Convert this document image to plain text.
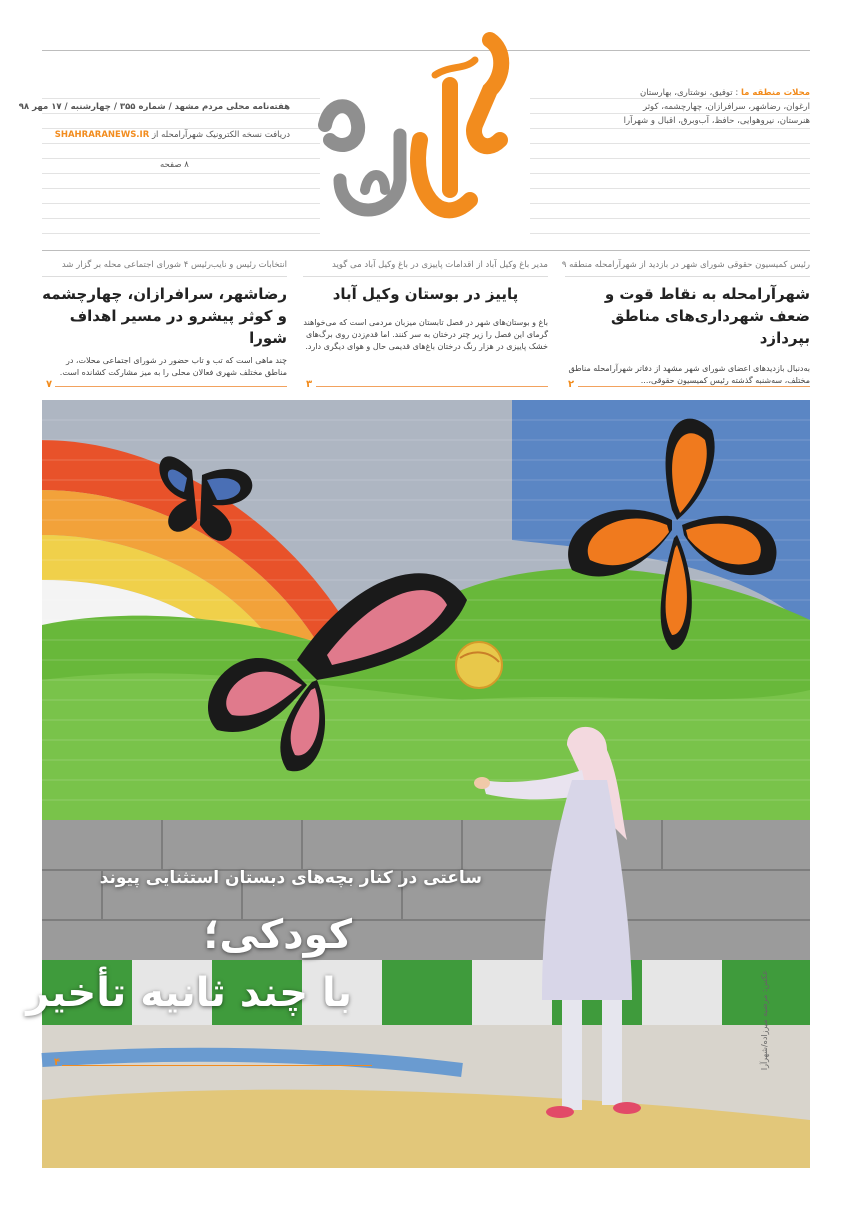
هفته‌نامه محلی مردم مشهد / شماره ۳۵۵ / چهارشنبه / ۱۷ مهر ۹۸
دریافت نسخه الکترونیک شهرآرامحله از SHAHRARANEWS.IR
۸ صفحه
محلات منطقه ما : توفیق، نوشتاری، بهارستان
ارغوان، رضاشهر، سرافرازان، چهارچشمه، کوثر
هنرستان، نیروهوایی، حافظ، آب‌وبرق، اقبال و شهرآرا
رئیس کمیسیون حقوقی شورای شهر در بازدید از شهرآرامحله منطقه ۹
شهرآرامحله به نقاط قوت و ضعف شهرداری‌های مناطق بپردازد
به‌دنبال بازدیدهای اعضای شورای شهر مشهد از دفاتر شهرآرامحله مناطق مختلف، سه‌شنبه گذشته رئیس کمیسیون حقوقی،...
۲
مدیر باغ وکیل آباد از اقدامات پاییزی در باغ وکیل آباد می گوید
پاییز در بوستان وکیل آباد
باغ و بوستان‌های شهر در فصل تابستان میزبان مردمی است که می‌خواهند گرمای این فصل را زیر چتر درختان به سر کنند. اما قدم‌زدن روی برگ‌های خشک پاییزی در هزار رنگ درختان باغ‌های قدیمی حال و هوای دیگری دارد.
۳
انتخابات رئیس و نایب‌رئیس ۴ شورای اجتماعی محله بر گزار شد
رضاشهر، سرافرازان، چهارچشمه و کوثر پیشرو در مسیر اهداف شورا
چند ماهی است که تب و تاب حضور در شورای اجتماعی محلات، در مناطق مختلف شهری فعالان محلی را به میز مشارکت کشانده است.
۷
ساعتی در کنار بچه‌های دبستان استثنایی پیوند
کودکی؛
با چند ثانیه تأخیر
۴	عکس: مرضیه میرزاده/شهرآرا
